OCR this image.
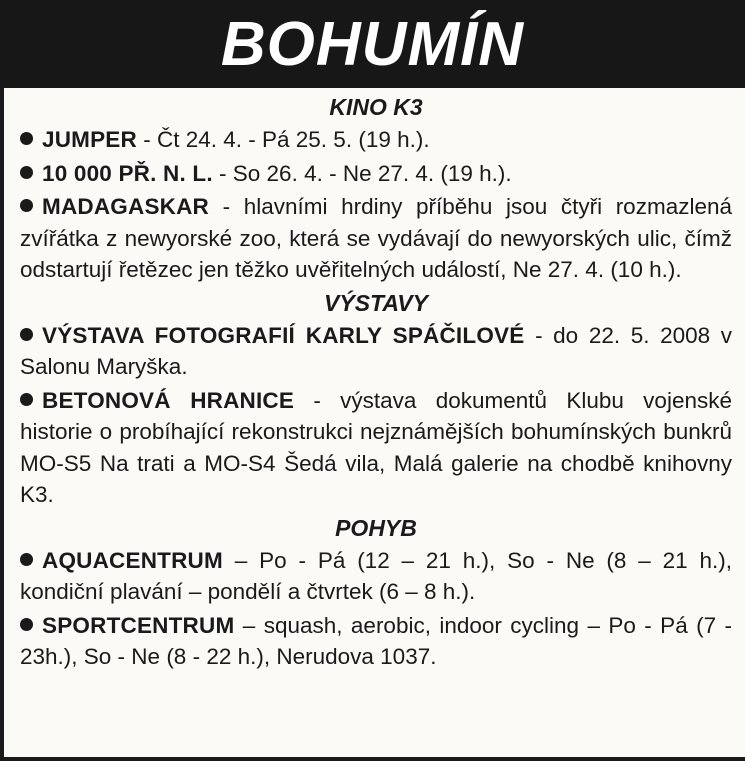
BOHUMÍN
KINO K3

JUMPER - Čt 24. 4. - Pá 25. 5. (19 h.).

10 000 PŘ. N. L. - So 26. 4. - Ne 27. 4. (19 h.).

MADAGASKAR - hlavními hrdiny příběhu jsou čtyři rozmazlená zvířátka z newyorské zoo, která se vydávají do newyorských ulic, čímž odstartují řetězec jen těžko uvěřitelných událostí, Ne 27. 4. (10 h.).

VÝSTAVY

VÝSTAVA FOTOGRAFIÍ KARLY SPÁČILOVÉ - do 22. 5. 2008 v Salonu Maryška.

BETONOVÁ HRANICE - výstava dokumentů Klubu vojenské historie o probíhající rekonstrukci nejznámějších bohumínských bunkrů MO-S5 Na trati a MO-S4 Šedá vila, Malá galerie na chodbě knihovny K3.

POHYB

AQUACENTRUM – Po - Pá (12 – 21 h.), So - Ne (8 – 21 h.), kondiční plavání – pondělí a čtvrtek (6 – 8 h.).

SPORTCENTRUM – squash, aerobic, indoor cycling – Po - Pá (7 - 23h.), So - Ne (8 - 22 h.), Nerudova 1037.
